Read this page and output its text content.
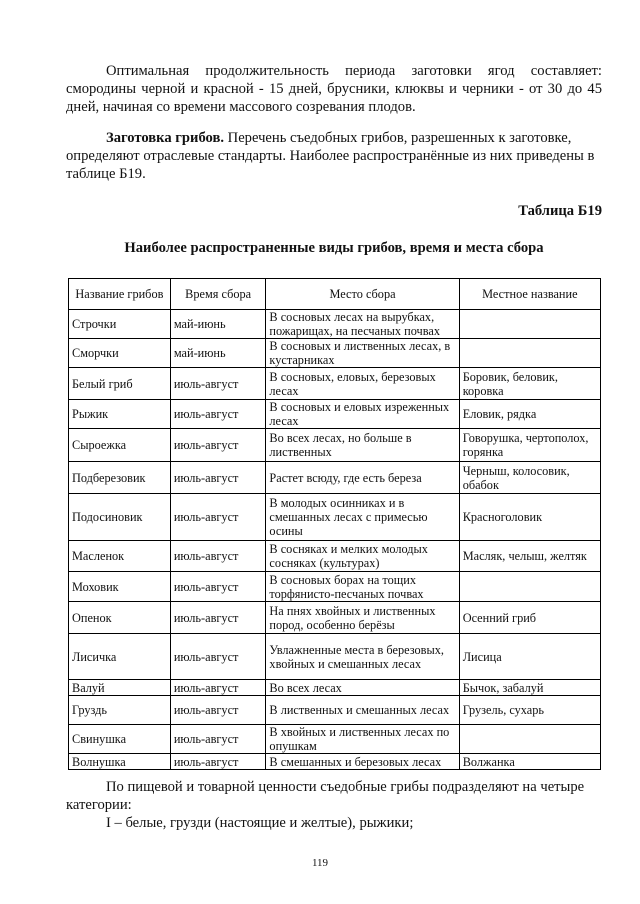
Оптимальная продолжительность периода заготовки ягод составляет: смородины черной и красной - 15 дней, брусники, клюквы и черники - от 30 до 45 дней, начиная со времени массового созревания плодов.

Заготовка грибов. Перечень съедобных грибов, разрешенных к заготовке, определяют отраслевые стандарты. Наиболее распространённые из них приведены в таблице Б19.

Таблица Б19
Наиболее распространенные виды грибов, время и места сбора
Название грибов	Время сбора	Место сбора	Местное название
Строчки	май-июнь	В сосновых лесах на вырубках, пожарищах, на песчаных почвах	
Сморчки	май-июнь	В сосновых и лиственных лесах, в кустарниках	
Белый гриб	июль-август	В сосновых, еловых, березовых лесах	Боровик, беловик, коровка
Рыжик	июль-август	В сосновых и еловых изреженных лесах	Еловик, рядка
Сыроежка	июль-август	Во всех лесах, но больше в лиственных	Говорушка, чертополох, горянка
Подберезовик	июль-август	Растет всюду, где есть береза	Черныш, колосовик, обабок
Подосиновик	июль-август	В молодых осинниках и в смешанных лесах с примесью осины	Красноголовик
Масленок	июль-август	В сосняках и мелких молодых сосняках (культурах)	Масляк, челыш, желтяк
Моховик	июль-август	В сосновых борах на тощих торфянисто-песчаных почвах	
Опенок	июль-август	На пнях хвойных и лиственных пород, особенно берёзы	Осенний гриб
Лисичка	июль-август	Увлажненные места в березовых, хвойных и смешанных лесах	Лисица
Валуй	июль-август	Во всех лесах	Бычок, забалуй
Груздь	июль-август	В лиственных и смешанных лесах	Грузель, сухарь
Свинушка	июль-август	В хвойных и лиственных лесах по опушкам	
Волнушка	июль-август	В смешанных и березовых лесах	Волжанка

По пищевой и товарной ценности съедобные грибы подразделяют на четыре категории:

I – белые, грузди (настоящие и желтые), рыжики;

119
